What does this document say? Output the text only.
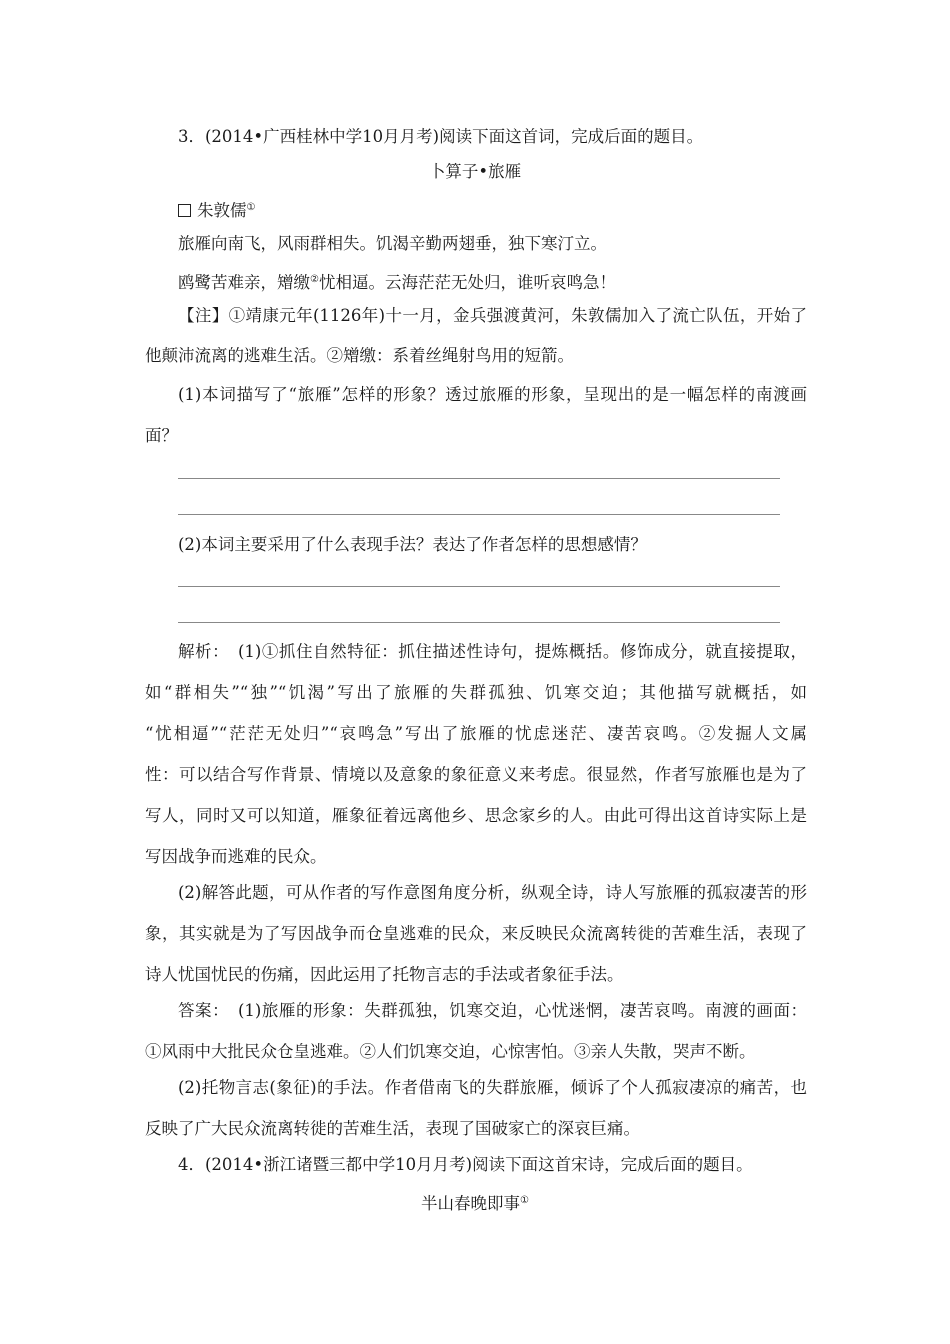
3．(2014•广西桂林中学10月月考)阅读下面这首词，完成后面的题目。
卜算子•旅雁
朱敦儒①
旅雁向南飞，风雨群相失。饥渴辛勤两翅垂，独下寒汀立。
鸥鹭苦难亲，矰缴②忧相逼。云海茫茫无处归，谁听哀鸣急！
【注】①靖康元年(1126年)十一月，金兵强渡黄河，朱敦儒加入了流亡队伍，开始了
他颠沛流离的逃难生活。②矰缴：系着丝绳射鸟用的短箭。
(1)本词描写了“旅雁”怎样的形象？透过旅雁的形象，呈现出的是一幅怎样的南渡画
面？
(2)本词主要采用了什么表现手法？表达了作者怎样的思想感情？
解析：　(1)①抓住自然特征：抓住描述性诗句，提炼概括。修饰成分，就直接提取，
如“群相失”“独”“饥渴”写出了旅雁的失群孤独、饥寒交迫；其他描写就概括，如
“忧相逼”“茫茫无处归”“哀鸣急”写出了旅雁的忧虑迷茫、凄苦哀鸣。②发掘人文属
性：可以结合写作背景、情境以及意象的象征意义来考虑。很显然，作者写旅雁也是为了
写人，同时又可以知道，雁象征着远离他乡、思念家乡的人。由此可得出这首诗实际上是
写因战争而逃难的民众。
(2)解答此题，可从作者的写作意图角度分析，纵观全诗，诗人写旅雁的孤寂凄苦的形
象，其实就是为了写因战争而仓皇逃难的民众，来反映民众流离转徙的苦难生活，表现了
诗人忧国忧民的伤痛，因此运用了托物言志的手法或者象征手法。
答案：　(1)旅雁的形象：失群孤独，饥寒交迫，心忧迷惘，凄苦哀鸣。南渡的画面：
①风雨中大批民众仓皇逃难。②人们饥寒交迫，心惊害怕。③亲人失散，哭声不断。
(2)托物言志(象征)的手法。作者借南飞的失群旅雁，倾诉了个人孤寂凄凉的痛苦，也
反映了广大民众流离转徙的苦难生活，表现了国破家亡的深哀巨痛。
4．(2014•浙江诸暨三都中学10月月考)阅读下面这首宋诗，完成后面的题目。
半山春晚即事①
